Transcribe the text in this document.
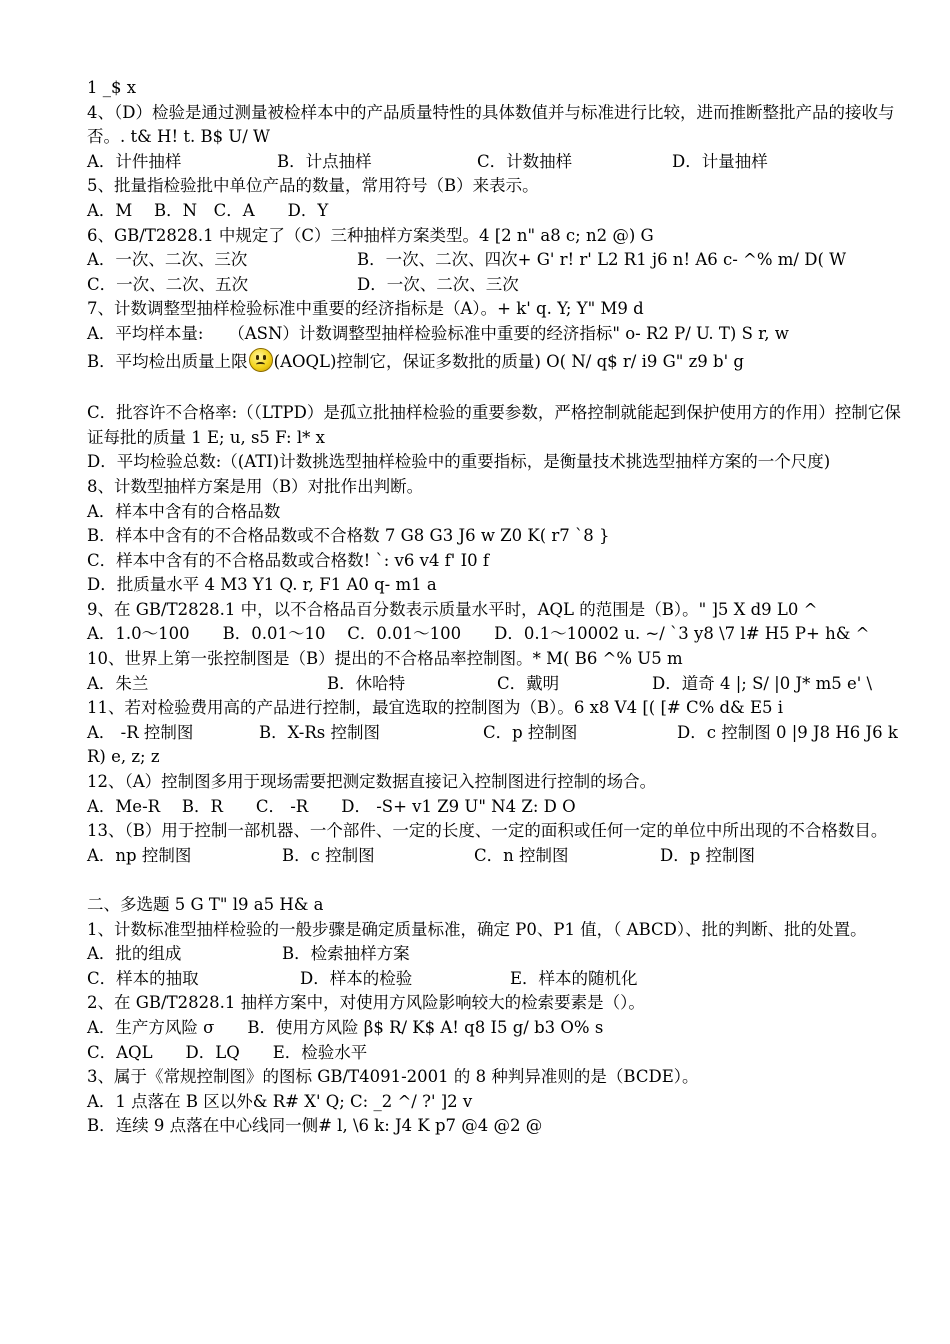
1 _$ x
4、（D）检验是通过测量被检样本中的产品质量特性的具体数值并与标准进行比较，进而推断整批产品的接收与否。. t& H! t. B$ U/ W
A．计件抽样	B．计点抽样	C．计数抽样	D．计量抽样
5、批量指检验批中单位产品的数量，常用符号（B）来表示。
A．M　 B．N　C．A　　D．Y
6、GB/T2828.1 中规定了（C）三种抽样方案类型。4 [2 n" a8 c; n2 @) G
A．一次、二次、三次	B．一次、二次、四次+ G' r! r' L2 R1 j6 n! A6 c- ^% m/ D( W
C．一次、二次、五次	D．一次、二次、三次
7、计数调整型抽样检验标准中重要的经济指标是（A）。+ k' q. Y; Y" M9 d
A．平均样本量:　　（ASN）计数调整型抽样检验标准中重要的经济指标" o- R2 P/ U. T) S r, w
B．平均检出质量上限 (AOQL)控制它，保证多数批的质量) O( N/ q$ r/ i9 G" z9 b' g
C．批容许不合格率:（（LTPD）是孤立批抽样检验的重要参数，严格控制就能起到保护使用方的作用）控制它保证每批的质量 1 E; u, s5 F: l* x
D．平均检验总数:（(ATI)计数挑选型抽样检验中的重要指标，是衡量技术挑选型抽样方案的一个尺度)
8、计数型抽样方案是用（B）对批作出判断。
A．样本中含有的合格品数
B．样本中含有的不合格品数或不合格数 7 G8 G3 J6 w Z0 K( r7 `8 }
C．样本中含有的不合格品数或合格数! `: v6 v4 f' I0 f
D．批质量水平 4 M3 Y1 Q. r, F1 A0 q- m1 a
9、在 GB/T2828.1 中，以不合格品百分数表示质量水平时，AQL 的范围是（B）。" ]5 X d9 L0 ^
A．1.0～100　　B．0.01～10　 C．0.01～100　　D．0.1～10002 u. ~/ `3 y8 \7 l# H5 P+ h& ^
10、世界上第一张控制图是（B）提出的不合格品率控制图。* M( B6 ^% U5 m
A．朱兰	B．休哈特	C．戴明	D．道奇 4 |; S/ |0 J* m5 e' \
11、若对检验费用高的产品进行控制，最宜选取的控制图为（B）。6 x8 V4 [( [# C% d& E5 i
A． -R 控制图	B．X-Rs 控制图	C．p 控制图	D．c 控制图 0 |9 J8 H6 J6 k R) e, z; z
12、（A）控制图多用于现场需要把测定数据直接记入控制图进行控制的场合。
A．Me-R　 B．R　　C． -R　　D． -S+ v1 Z9 U" N4 Z: D O
13、（B）用于控制一部机器、一个部件、一定的长度、一定的面积或任何一定的单位中所出现的不合格数目。
A．np 控制图	B．c 控制图	C．n 控制图	D．p 控制图
二、多选题 5 G T" l9 a5 H& a
1、计数标准型抽样检验的一般步骤是确定质量标准，确定 P0、P1 值，（ ABCD）、批的判断、批的处置。
A．批的组成	B．检索抽样方案
C．样本的抽取	D．样本的检验	E．样本的随机化
2、在 GB/T2828.1 抽样方案中，对使用方风险影响较大的检索要素是（）。
A．生产方风险 σ　　B．使用方风险 β$ R/ K$ A! q8 I5 g/ b3 O% s
C．AQL　　D．LQ　　E．检验水平
3、属于《常规控制图》的图标 GB/T4091-2001 的 8 种判异准则的是（BCDE）。
A．1 点落在 B 区以外& R# X' Q; C: _2 ^/ ?' ]2 v
B．连续 9 点落在中心线同一侧# l, \6 k: J4 K p7 @4 @2 @
